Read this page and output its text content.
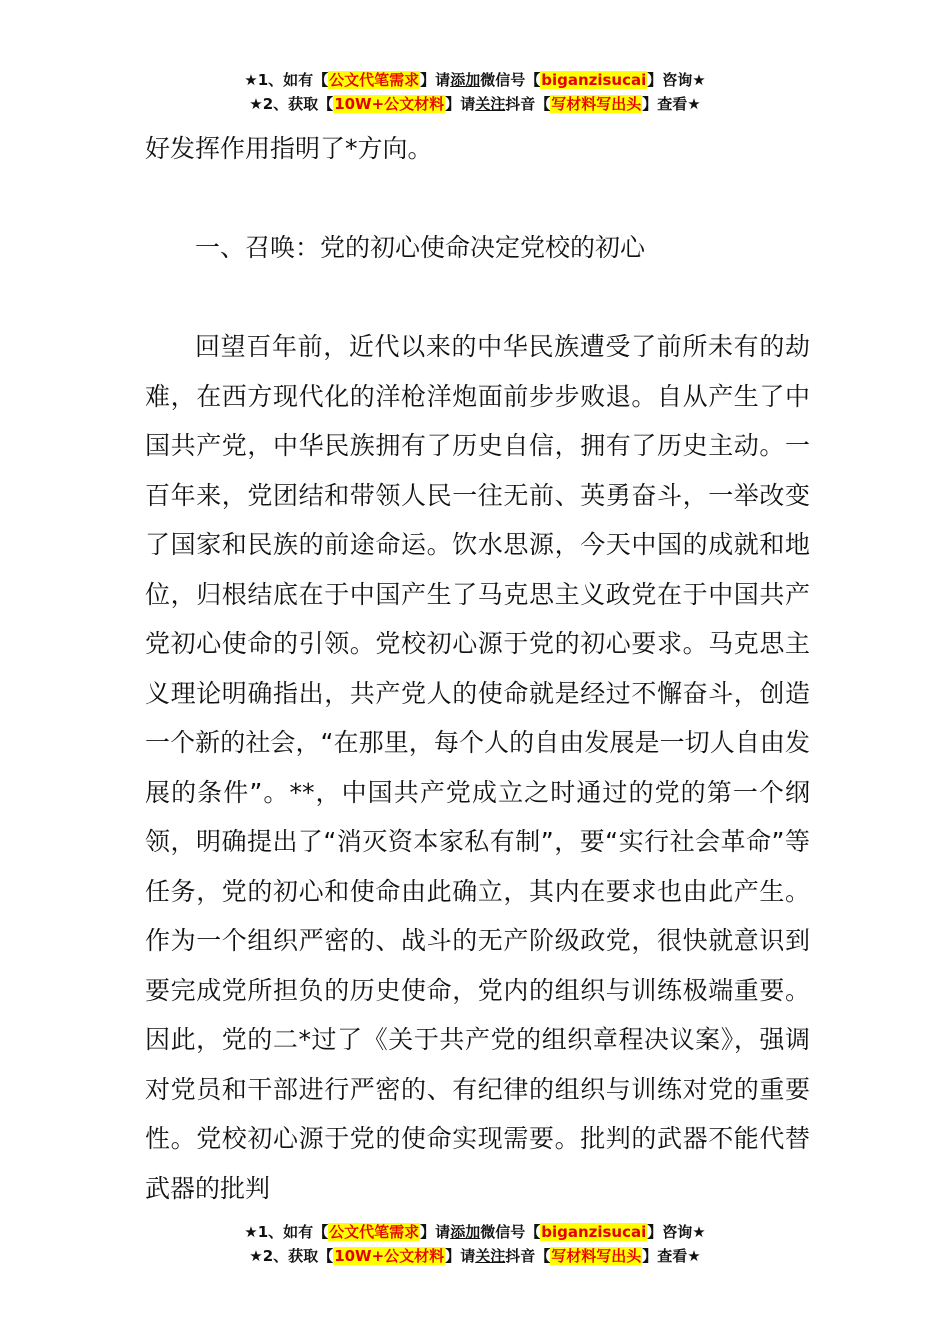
★1、如有【公文代笔需求】请添加微信号【biganzisucai】咨询★
★2、获取【10W+公文材料】请关注抖音【写材料写出头】查看★

好发挥作用指明了*方向。

一、召唤：党的初心使命决定党校的初心

回望百年前，近代以来的中华民族遭受了前所未有的劫难，在西方现代化的洋枪洋炮面前步步败退。自从产生了中国共产党，中华民族拥有了历史自信，拥有了历史主动。一百年来，党团结和带领人民一往无前、英勇奋斗，一举改变了国家和民族的前途命运。饮水思源，今天中国的成就和地位，归根结底在于中国产生了马克思主义政党在于中国共产党初心使命的引领。党校初心源于党的初心要求。马克思主义理论明确指出，共产党人的使命就是经过不懈奋斗，创造一个新的社会，“在那里，每个人的自由发展是一切人自由发展的条件”。**，中国共产党成立之时通过的党的第一个纲领，明确提出了“消灭资本家私有制”，要“实行社会革命”等任务，党的初心和使命由此确立，其内在要求也由此产生。作为一个组织严密的、战斗的无产阶级政党，很快就意识到要完成党所担负的历史使命，党内的组织与训练极端重要。因此，党的二*过了《关于共产党的组织章程决议案》，强调对党员和干部进行严密的、有纪律的组织与训练对党的重要性。党校初心源于党的使命实现需要。批判的武器不能代替武器的批判

★1、如有【公文代笔需求】请添加微信号【biganzisucai】咨询★
★2、获取【10W+公文材料】请关注抖音【写材料写出头】查看★
